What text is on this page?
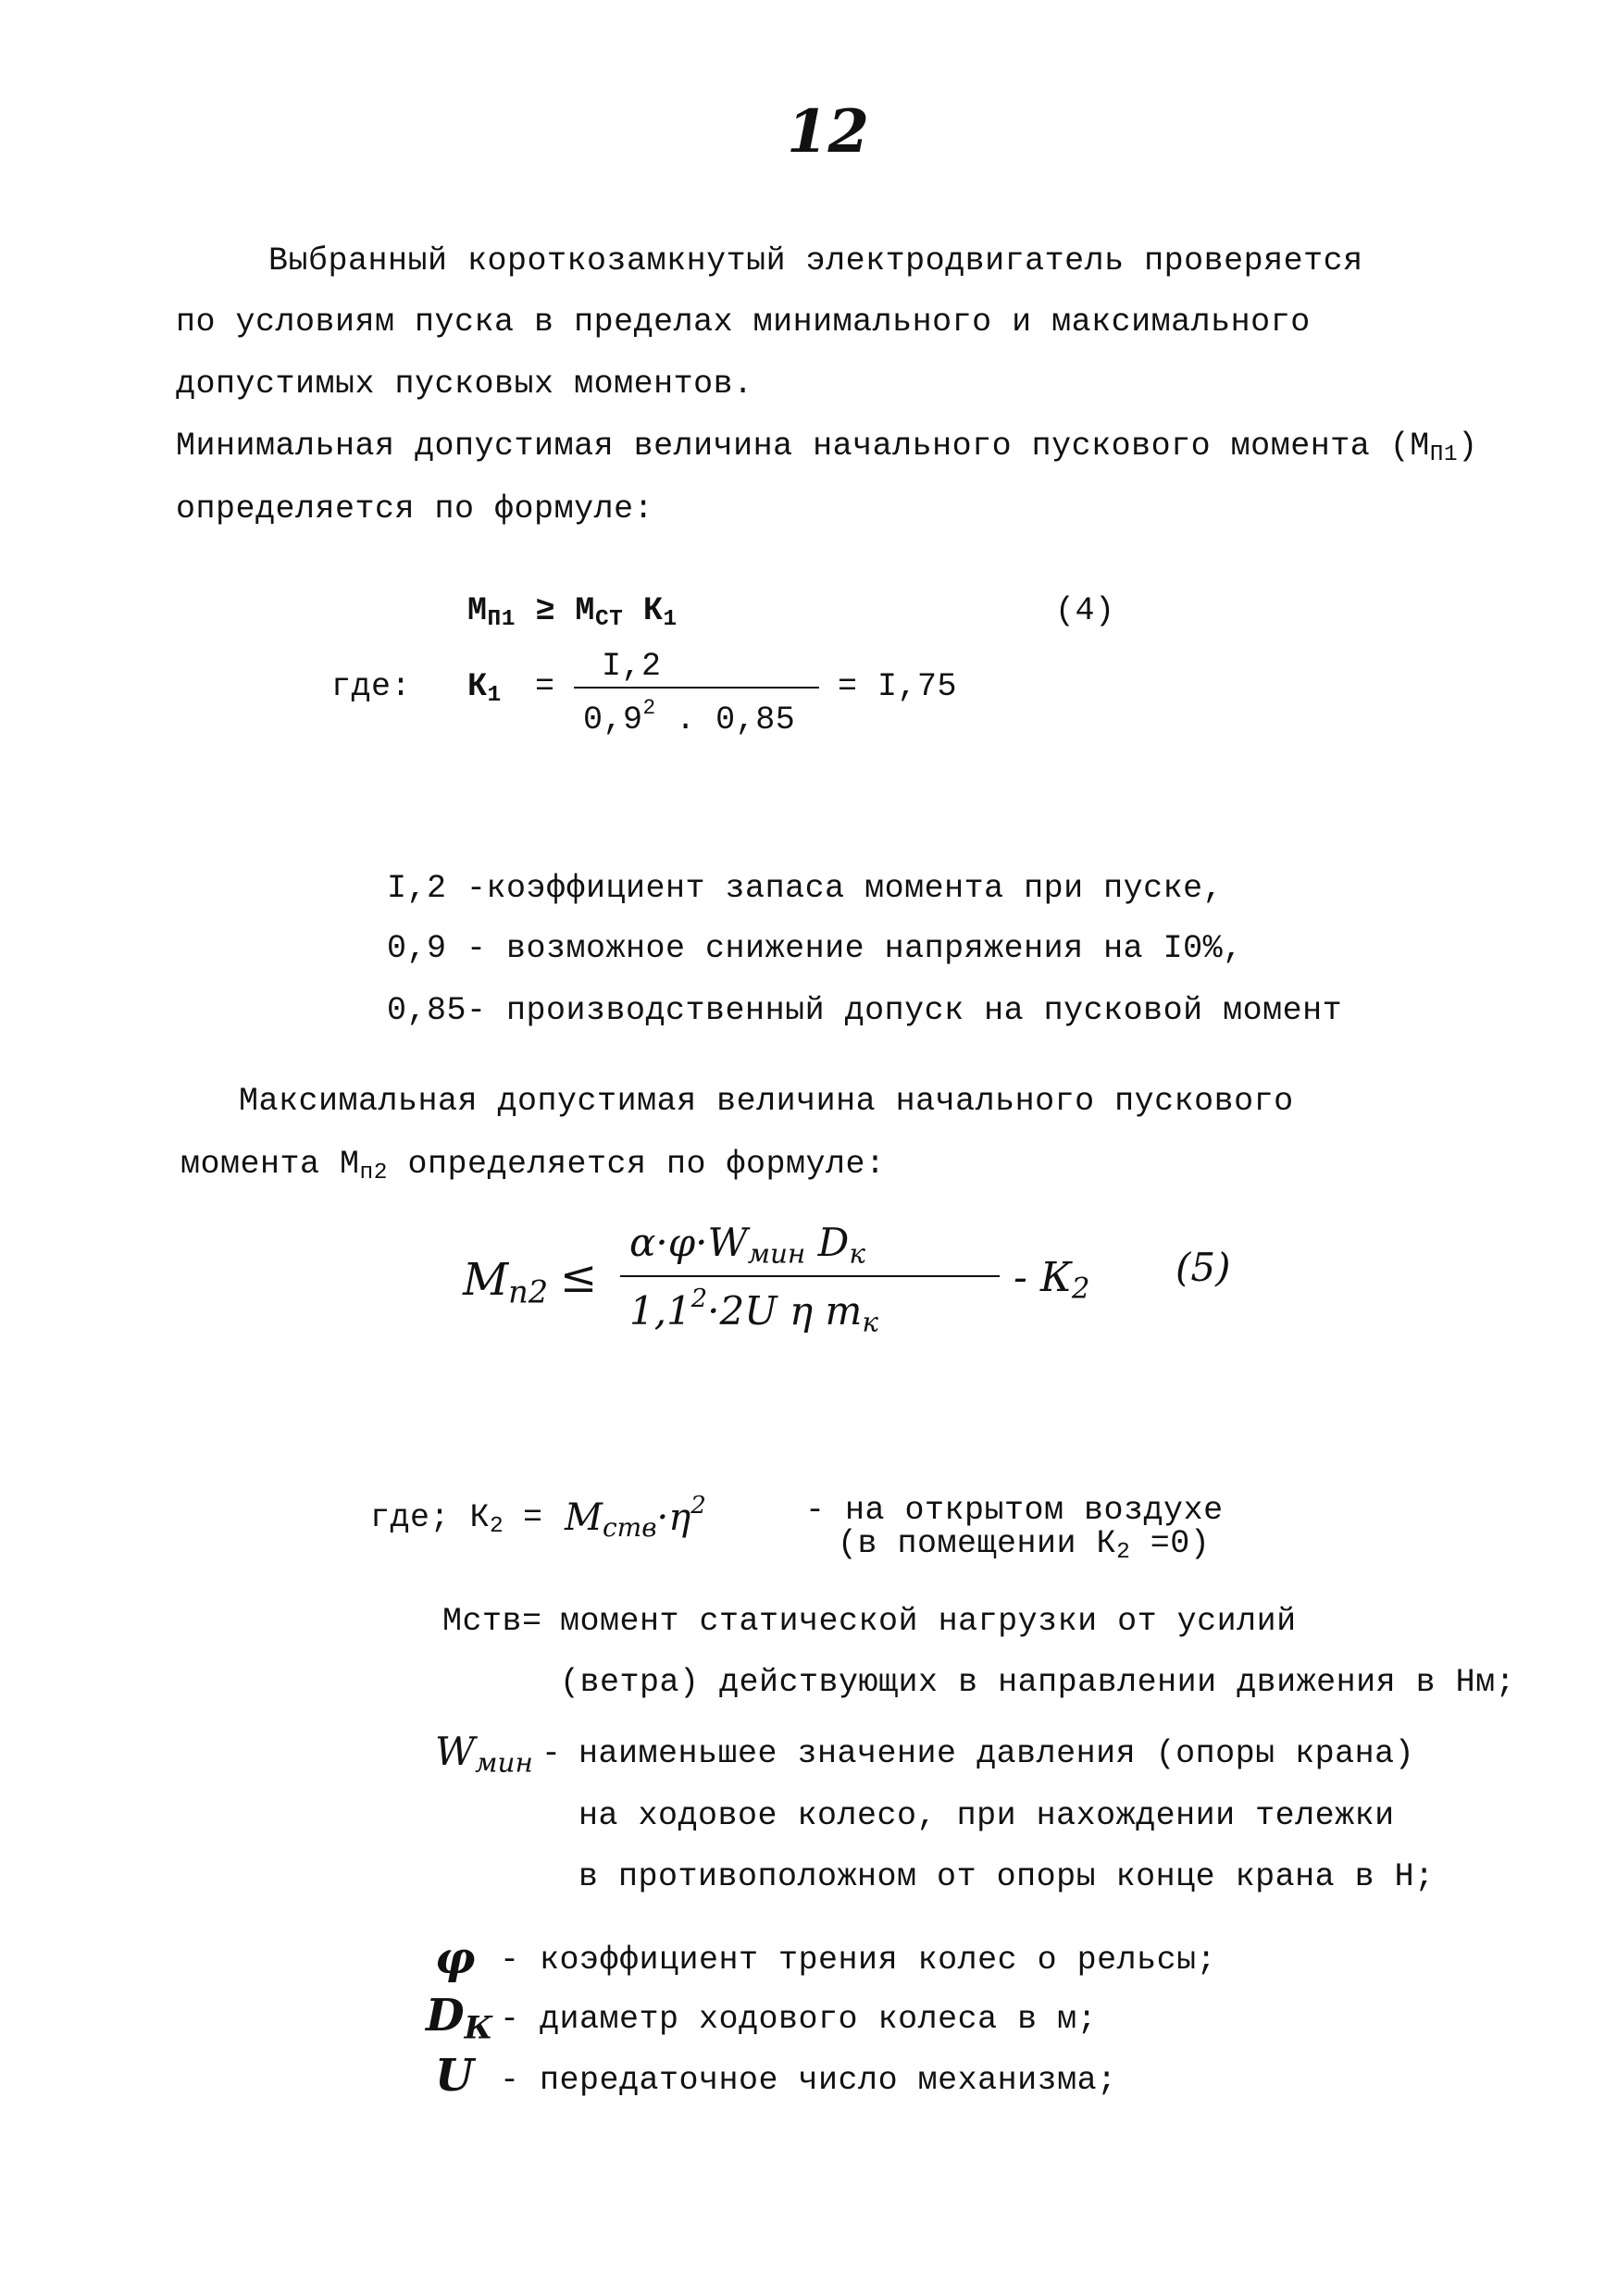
12
Выбранный короткозамкнутый электродвигатель проверяется
по условиям пуска в пределах минимального и максимального
допустимых пусковых моментов.
Минимальная допустимая величина начального пускового момента $(М_{П1})$
определяется по формуле:
$М_{П1} \ge М_{СТ}$ $К_1$	(4)
где: $К_1$ =
I,2
$0,9^2$ . 0,85
= I,75
I,2 -коэффициент запаса момента при пуске,
0,9 - возможное снижение напряжения на I0%,
0,85- производственный допуск на пусковой момент
Максимальная допустимая величина начального пускового
момента $М_{п2}$ определяется по формуле:
$М_{п2}$ ≤
$\alpha\cdot\varphi\cdot W_{мин}$ $D_к$
$1,1^2\cdot 2U$ η $m_к$
- $К_2$ (5)
где; $К_2 = М_{ств}\cdot\eta^2$	- на открытом воздухе
(в помещении $К_2 =0$)
Мств= момент статической нагрузки от усилий
(ветра) действующих в направлении движения в Нм;
$W_{мин}$ - наименьшее значение давления (опоры крана)
на ходовое колесо, при нахождении тележки
в противоположном от опоры конце крана в Н;
φ - коэффициент трения колес о рельсы;
$D_К$ - диаметр ходового колеса в м;
U - передаточное число механизма;
